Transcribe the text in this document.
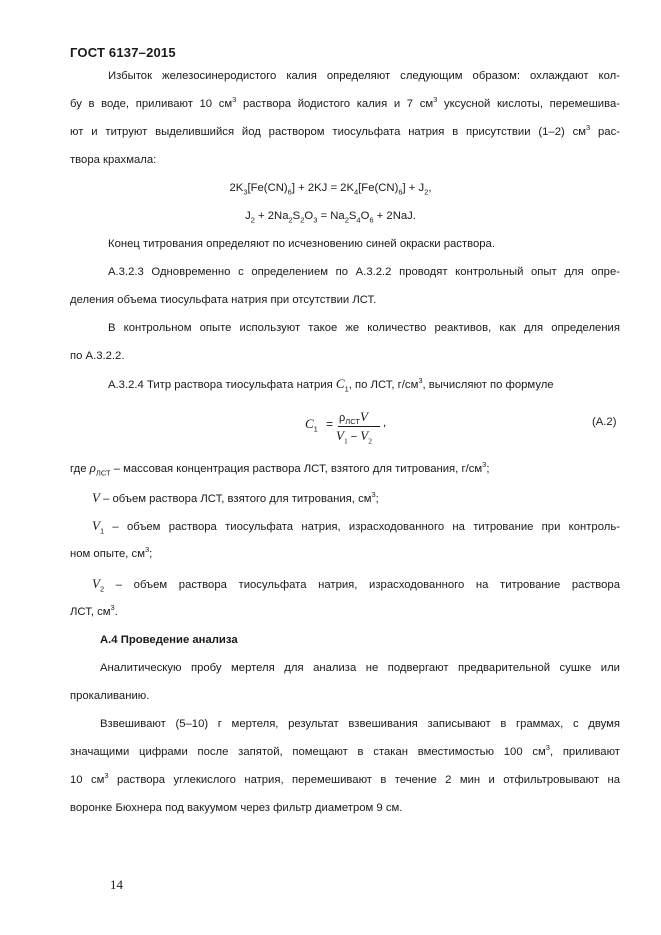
ГОСТ 6137–2015
Избыток железосинеродистого калия определяют следующим образом: охлаждают кол-
бу в воде, приливают 10 $см^3$ раствора йодистого калия и 7 $см^3$ уксусной кислоты, перемешива-
ют и титруют выделившийся йод раствором тиосульфата натрия в присутствии (1–2) $см^3$ рас-
твора крахмала:
$2K_3[Fe(CN)_6] + 2KJ = 2K_4[Fe(CN)_6] + J_2$,
$J_2 + 2Na_2S_2O_3 = Na_2S_4O_6 + 2NaJ$.
Конец титрования определяют по исчезновению синей окраски раствора.
А.3.2.3 Одновременно с определением по А.3.2.2 проводят контрольный опыт для опре-
деления объема тиосульфата натрия при отсутствии ЛСТ.
В контрольном опыте используют такое же количество реактивов, как для определения
по А.3.2.2.
А.3.2.4 Титр раствора тиосульфата натрия $C_1$, по ЛСТ, $г/см^3$, вычисляют по формуле
$C_1 = \rho_{ЛСТ}V$
$V_1 - V_2$
,	(А.2)
где $\rho_{ЛСТ}$ – массовая концентрация раствора ЛСТ, взятого для титрования, $г/см^3$;
V – объем раствора ЛСТ, взятого для титрования, $см^3$;
$V_1$ – объем раствора тиосульфата натрия, израсходованного на титрование при контроль-
ном опыте, $см^3$;
$V_2$ – объем раствора тиосульфата натрия, израсходованного на титрование раствора
ЛСТ, $см^3$.
А.4 Проведение анализа
Аналитическую пробу мертеля для анализа не подвергают предварительной сушке или
прокаливанию.
Взвешивают (5–10) г мертеля, результат взвешивания записывают в граммах, с двумя
значащими цифрами после запятой, помещают в стакан вместимостью 100 $см^3$, приливают
10 $см^3$ раствора углекислого натрия, перемешивают в течение 2 мин и отфильтровывают на
воронке Бюхнера под вакуумом через фильтр диаметром 9 см.
14
